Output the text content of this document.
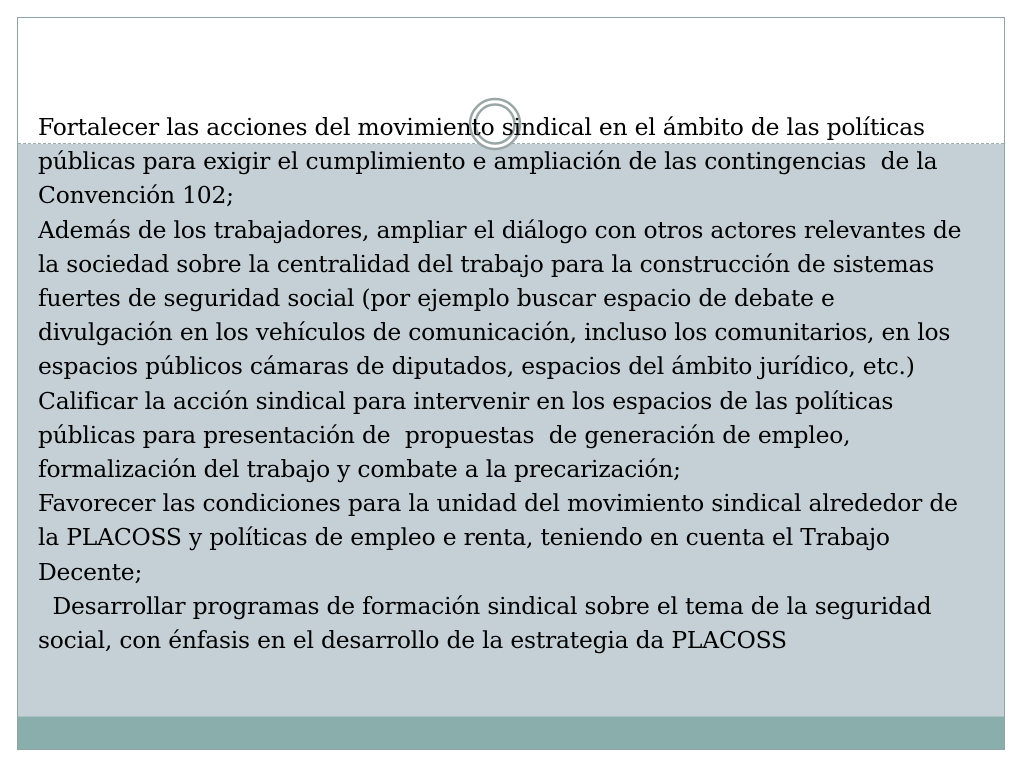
Fortalecer las acciones del movimiento sindical en el ámbito de las políticas públicas para exigir el cumplimiento e ampliación de las contingencias  de la  Convención 102;

Además de los trabajadores, ampliar el diálogo con otros actores relevantes de la sociedad sobre la centralidad del trabajo para la construcción de sistemas fuertes de seguridad social (por ejemplo buscar espacio de debate e divulgación en los vehículos de comunicación, incluso los comunitarios, en los espacios públicos cámaras de diputados, espacios del ámbito jurídico, etc.)

Calificar la acción sindical para intervenir en los espacios de las políticas públicas para presentación de  propuestas  de generación de empleo, formalización del trabajo y combate a la precarización;

Favorecer las condiciones para la unidad del movimiento sindical alrededor de la PLACOSS y políticas de empleo e renta, teniendo en cuenta el Trabajo Decente;

Desarrollar programas de formación sindical sobre el tema de la seguridad social, con énfasis en el desarrollo de la estrategia da PLACOSS
